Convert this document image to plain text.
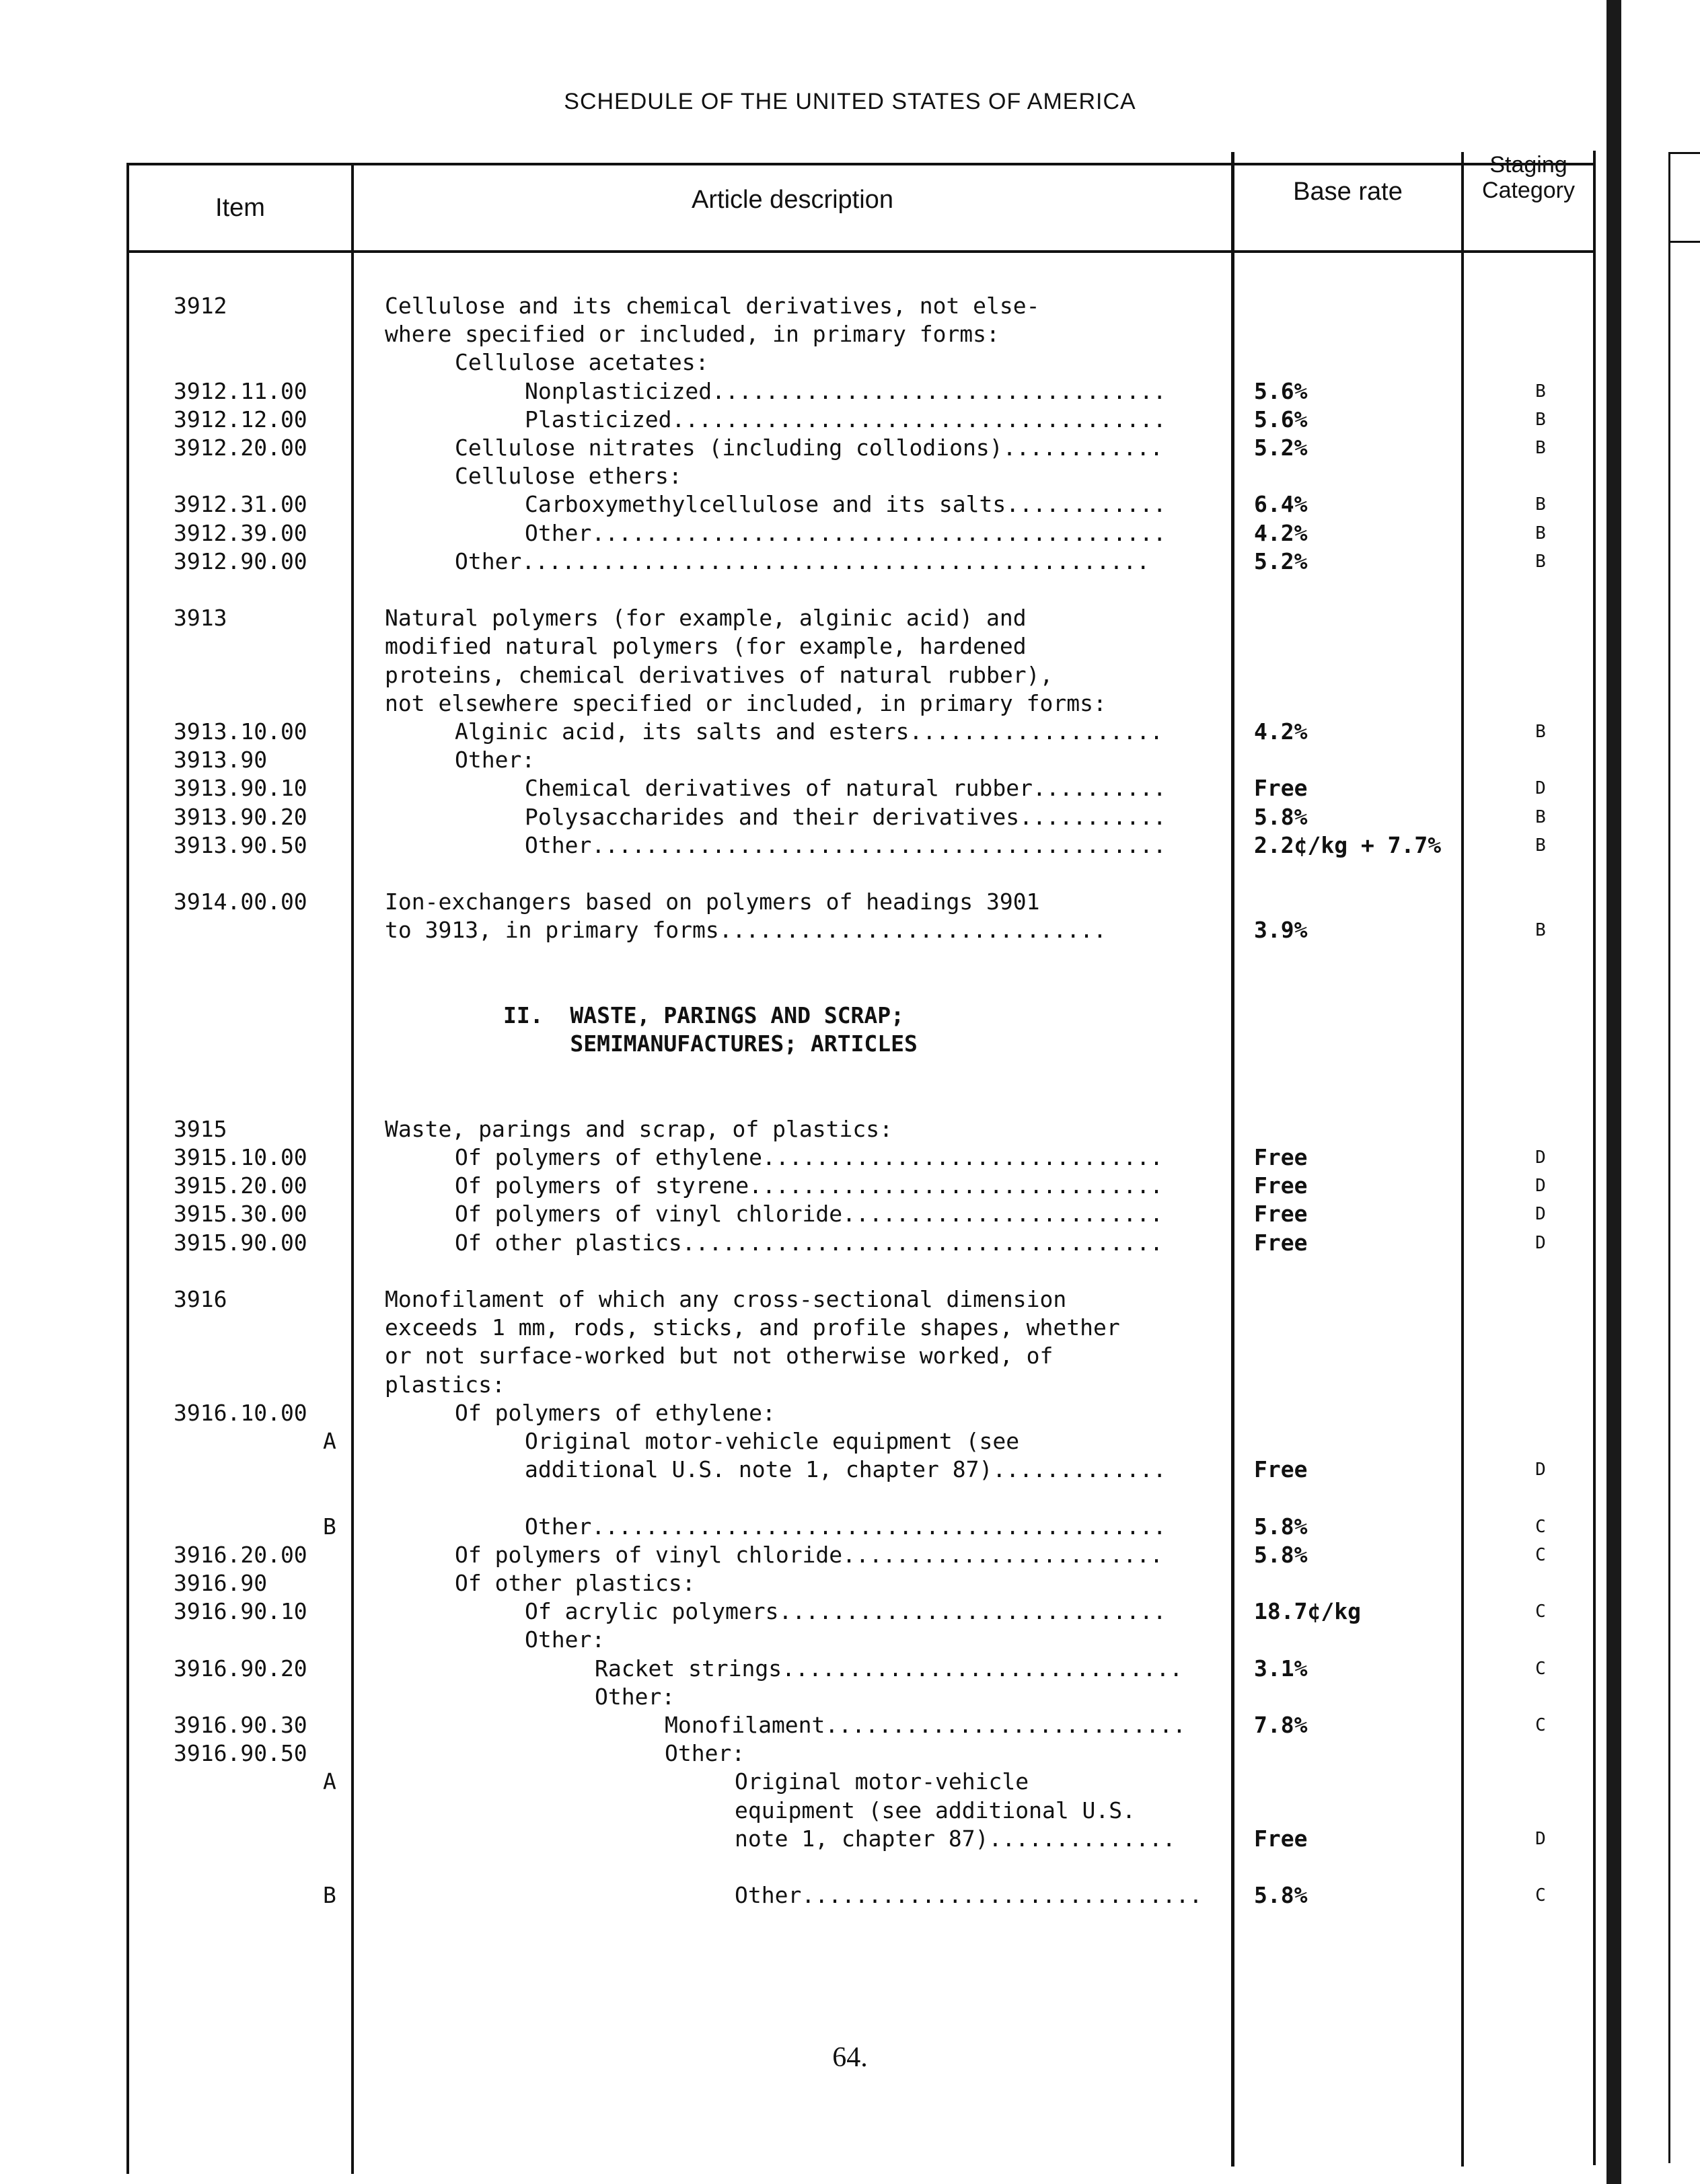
SCHEDULE OF THE UNITED STATES OF AMERICA
Item	Article description	Base rate
Staging
Category
3912	Cellulose and its chemical derivatives, not else-
where specified or included, in primary forms:
Cellulose acetates:
3912.11.00	Nonplasticized..................................	5.6%	B
3912.12.00	Plasticized.....................................	5.6%	B
3912.20.00	Cellulose nitrates (including collodions)............	5.2%	B
Cellulose ethers:
3912.31.00	Carboxymethylcellulose and its salts............	6.4%	B
3912.39.00	Other...........................................	4.2%	B
3912.90.00	Other...............................................	5.2%	B
3913	Natural polymers (for example, alginic acid) and
modified natural polymers (for example, hardened
proteins, chemical derivatives of natural rubber),
not elsewhere specified or included, in primary forms:
3913.10.00	Alginic acid, its salts and esters...................	4.2%	B
3913.90	Other:
3913.90.10	Chemical derivatives of natural rubber..........	Free	D
3913.90.20	Polysaccharides and their derivatives...........	5.8%	B
3913.90.50	Other...........................................	2.2¢/kg + 7.7%	B
3914.00.00	Ion-exchangers based on polymers of headings 3901
to 3913, in primary forms.............................	3.9%	B
II.  WASTE, PARINGS AND SCRAP;
SEMIMANUFACTURES; ARTICLES
3915	Waste, parings and scrap, of plastics:
3915.10.00	Of polymers of ethylene..............................	Free	D
3915.20.00	Of polymers of styrene...............................	Free	D
3915.30.00	Of polymers of vinyl chloride........................	Free	D
3915.90.00	Of other plastics....................................	Free	D
3916	Monofilament of which any cross-sectional dimension
exceeds 1 mm, rods, sticks, and profile shapes, whether
or not surface-worked but not otherwise worked, of
plastics:
3916.10.00	Of polymers of ethylene:
A	Original motor-vehicle equipment (see
additional U.S. note 1, chapter 87).............	Free	D
B	Other...........................................	5.8%	C
3916.20.00	Of polymers of vinyl chloride........................	5.8%	C
3916.90	Of other plastics:
3916.90.10	Of acrylic polymers.............................	18.7¢/kg	C
Other:
3916.90.20	Racket strings..............................	3.1%	C
Other:
3916.90.30	Monofilament...........................	7.8%	C
3916.90.50	Other:
A	Original motor-vehicle
equipment (see additional U.S.
note 1, chapter 87)..............	Free	D
B	Other.............................. 5.8%	C
64.
